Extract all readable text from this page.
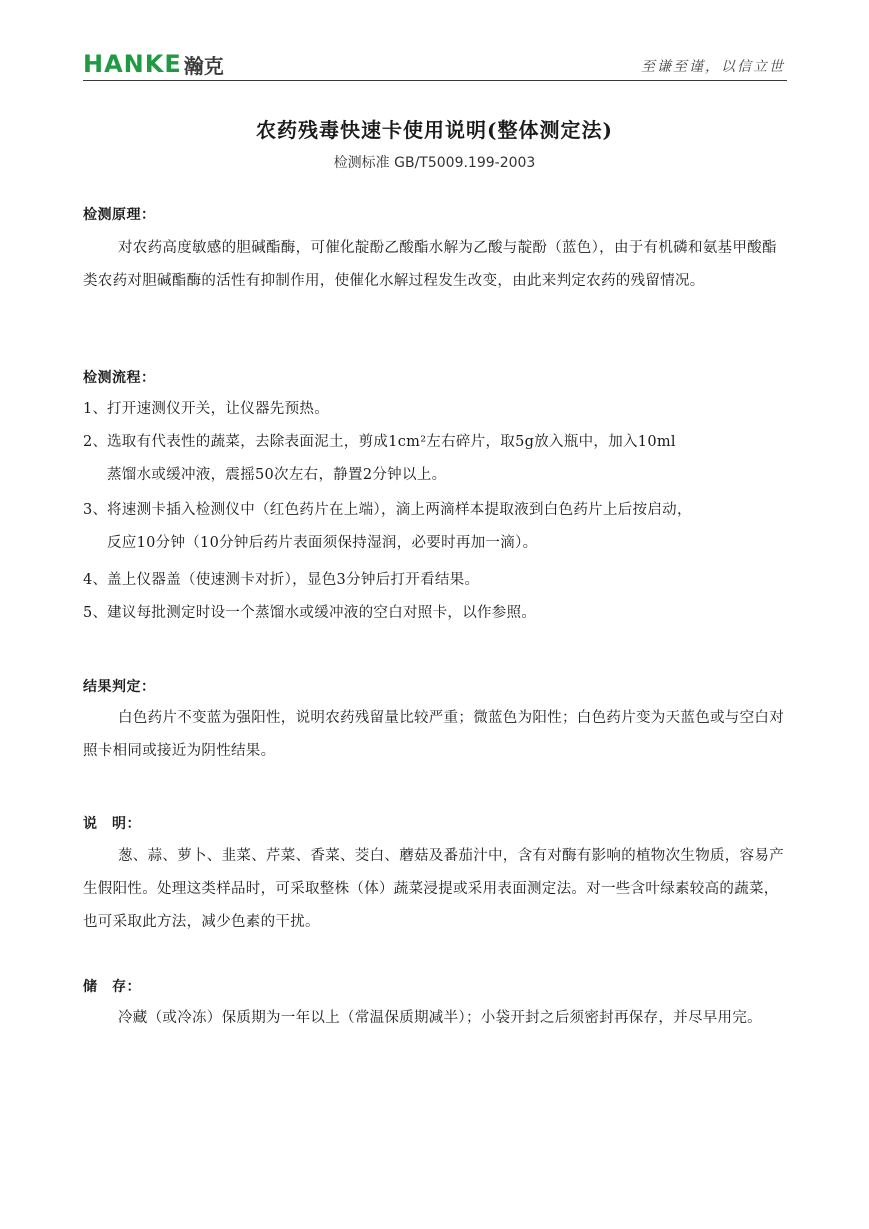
HANKE 瀚克	至谦至谨，以信立世
农药残毒快速卡使用说明(整体测定法)
检测标准 GB/T5009.199-2003
检测原理：
对农药高度敏感的胆碱酯酶，可催化靛酚乙酸酯水解为乙酸与靛酚（蓝色），由于有机磷和氨基甲酸酯类农药对胆碱酯酶的活性有抑制作用，使催化水解过程发生改变，由此来判定农药的残留情况。
检测流程：
1、打开速测仪开关，让仪器先预热。
2、选取有代表性的蔬菜，去除表面泥土，剪成1cm²左右碎片，取5g放入瓶中，加入10ml
蒸馏水或缓冲液，震摇50次左右，静置2分钟以上。
3、将速测卡插入检测仪中（红色药片在上端），滴上两滴样本提取液到白色药片上后按启动，
反应10分钟（10分钟后药片表面须保持湿润，必要时再加一滴）。
4、盖上仪器盖（使速测卡对折），显色3分钟后打开看结果。
5、建议每批测定时设一个蒸馏水或缓冲液的空白对照卡，以作参照。
结果判定：
白色药片不变蓝为强阳性，说明农药残留量比较严重；微蓝色为阳性；白色药片变为天蓝色或与空白对照卡相同或接近为阴性结果。
说　明：
葱、蒜、萝卜、韭菜、芹菜、香菜、茭白、蘑菇及番茄汁中，含有对酶有影响的植物次生物质，容易产生假阳性。处理这类样品时，可采取整株（体）蔬菜浸提或采用表面测定法。对一些含叶绿素较高的蔬菜，也可采取此方法，减少色素的干扰。
储　存：
冷藏（或冷冻）保质期为一年以上（常温保质期减半）；小袋开封之后须密封再保存，并尽早用完。
